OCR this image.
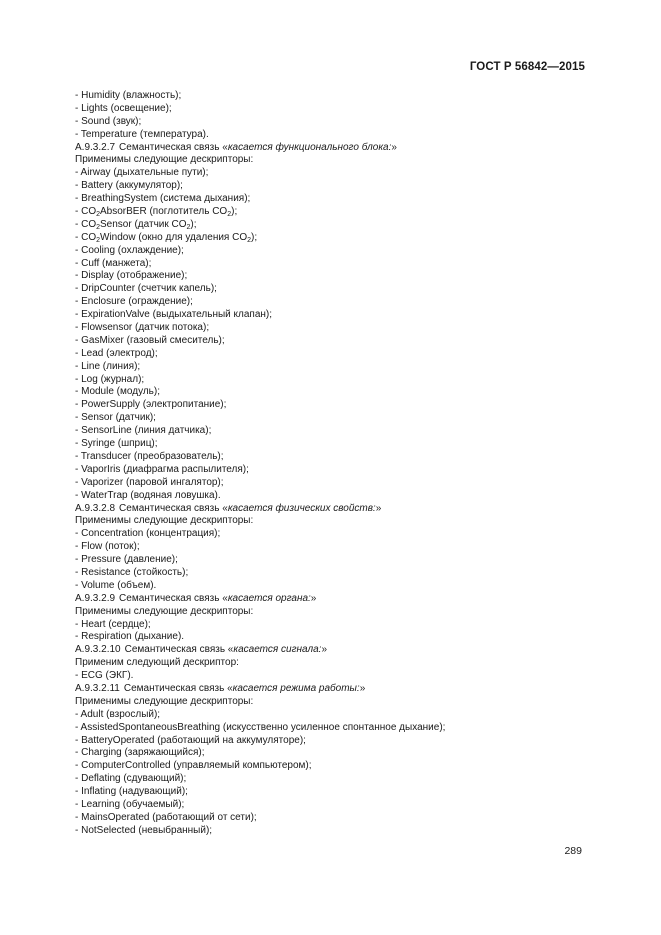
ГОСТ Р 56842—2015
- Humidity (влажность);
- Lights (освещение);
- Sound (звук);
- Temperature (температура).
А.9.3.2.7 Семантическая связь «касается функционального блока:»
Применимы следующие дескрипторы:
- Airway (дыхательные пути);
- Battery (аккумулятор);
- BreathingSystem (система дыхания);
- $CO_2AbsorBER$ (поглотитель $CO_2$);
- $CO_2Sensor$ (датчик $CO_2$);
- $CO_2Window$ (окно для удаления $CO_2$);
- Cooling (охлаждение);
- Cuff (манжета);
- Display (отображение);
- DripCounter (счетчик капель);
- Enclosure (ограждение);
- ExpirationValve (выдыхательный клапан);
- Flowsensor (датчик потока);
- GasMixer (газовый смеситель);
- Lead (электрод);
- Line (линия);
- Log (журнал);
- Module (модуль);
- PowerSupply (электропитание);
- Sensor (датчик);
- SensorLine (линия датчика);
- Syringe (шприц);
- Transducer (преобразователь);
- VaporIris (диафрагма распылителя);
- Vaporizer (паровой ингалятор);
- WaterTrap (водяная ловушка).
А.9.3.2.8 Семантическая связь «касается физических свойств:»
Применимы следующие дескрипторы:
- Concentration (концентрация);
- Flow (поток);
- Pressure (давление);
- Resistance (стойкость);
- Volume (объем).
А.9.3.2.9 Семантическая связь «касается органа:»
Применимы следующие дескрипторы:
- Heart (сердце);
- Respiration (дыхание).
А.9.3.2.10 Семантическая связь «касается сигнала:»
Применим следующий дескриптор:
- ECG (ЭКГ).
А.9.3.2.11 Семантическая связь «касается режима работы:»
Применимы следующие дескрипторы:
- Adult (взрослый);
- AssistedSpontaneousBreathing (искусственно усиленное спонтанное дыхание);
- BatteryOperated (работающий на аккумуляторе);
- Charging (заряжающийся);
- ComputerControlled (управляемый компьютером);
- Deflating (сдувающий);
- Inflating (надувающий);
- Learning (обучаемый);
- MainsOperated (работающий от сети);
- NotSelected (невыбранный);
289
